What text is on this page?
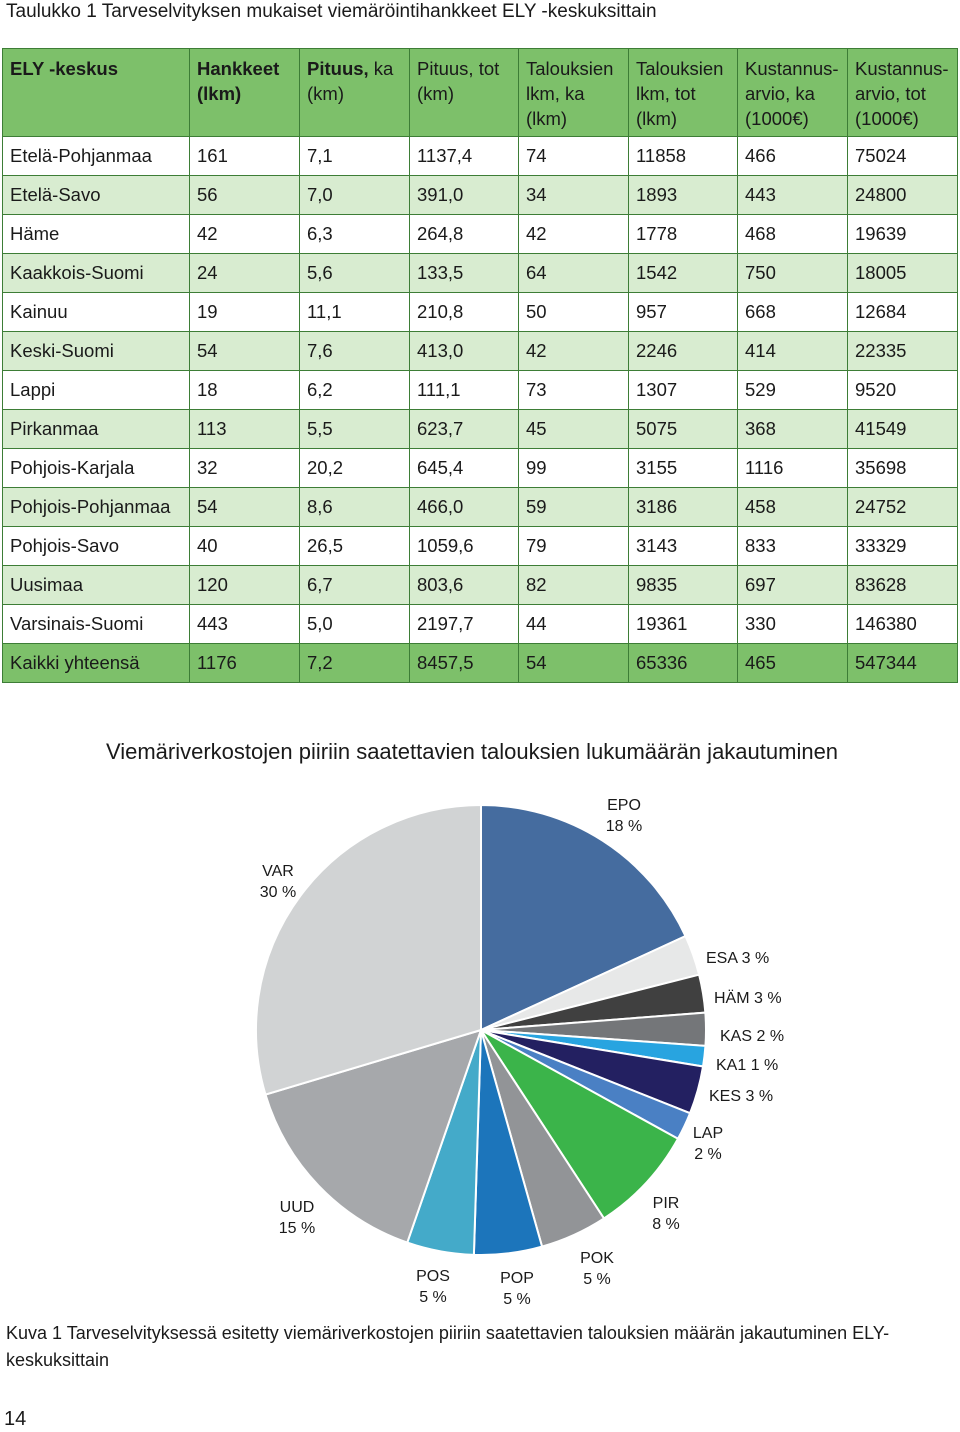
Taulukko 1 Tarveselvityksen mukaiset viemäröintihankkeet ELY -keskuksittain
ELY -keskus	Hankkeet (lkm)	Pituus, ka (km)	Pituus, tot (km)	Talouksien lkm, ka (lkm)	Talouksien lkm, tot (lkm)	Kustannus- arvio, ka (1000€)	Kustannus- arvio, tot (1000€)
Etelä-Pohjanmaa	161	7,1	1137,4	74	11858	466	75024
Etelä-Savo	56	7,0	391,0	34	1893	443	24800
Häme	42	6,3	264,8	42	1778	468	19639
Kaakkois-Suomi	24	5,6	133,5	64	1542	750	18005
Kainuu	19	11,1	210,8	50	957	668	12684
Keski-Suomi	54	7,6	413,0	42	2246	414	22335
Lappi	18	6,2	111,1	73	1307	529	9520
Pirkanmaa	113	5,5	623,7	45	5075	368	41549
Pohjois-Karjala	32	20,2	645,4	99	3155	1116	35698
Pohjois-Pohjanmaa	54	8,6	466,0	59	3186	458	24752
Pohjois-Savo	40	26,5	1059,6	79	3143	833	33329
Uusimaa	120	6,7	803,6	82	9835	697	83628
Varsinais-Suomi	443	5,0	2197,7	44	19361	330	146380
Kaikki yhteensä	1176	7,2	8457,5	54	65336	465	547344
Viemäriverkostojen piiriin saatettavien talouksien lukumäärän jakautuminen
EPO
18 %
ESA 3 %
HÄM 3 %
KAS 2 %
KA1 1 %
KES 3 %
LAP
2 %
PIR
8 %
POK
5 %
POP
5 %
POS
5 %
UUD
15 %
VAR
30 %
Kuva 1 Tarveselvityksessä esitetty viemäriverkostojen piiriin saatettavien talouksien määrän jakautuminen ELY-keskuksittain
14
